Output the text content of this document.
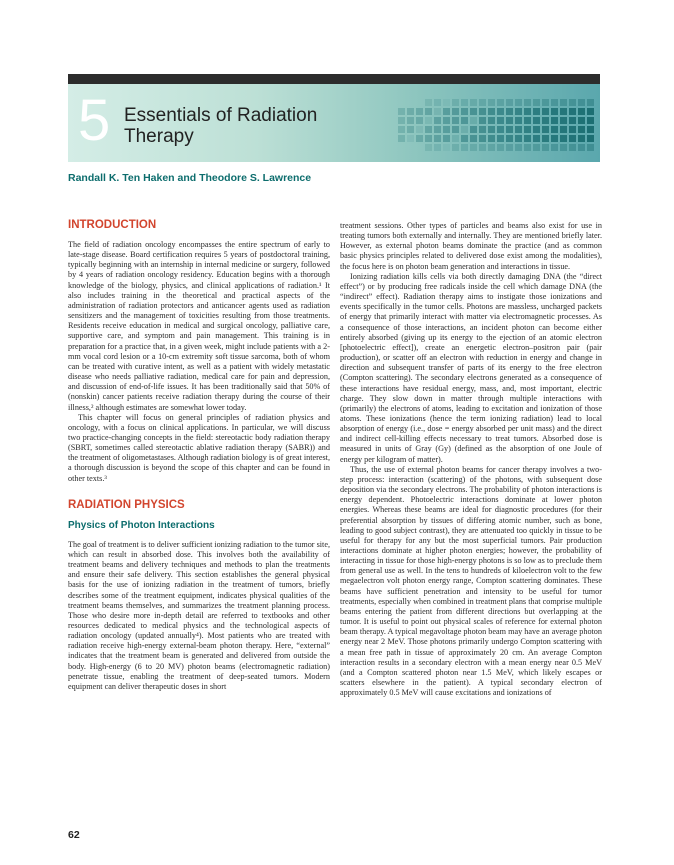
5 Essentials of Radiation
Therapy
Randall K. Ten Haken and Theodore S. Lawrence
INTRODUCTION

The field of radiation oncology encompasses the entire spectrum of early to late-stage disease. Board certification requires 5 years of postdoctoral training, typically beginning with an internship in internal medicine or surgery, followed by 4 years of radiation oncology residency. Education begins with a thorough knowledge of the biology, physics, and clinical applications of radiation.¹ It also includes training in the theoretical and practical aspects of the administration of radiation protectors and anticancer agents used as radiation sensitizers and the management of toxicities resulting from those treatments. Residents receive education in medical and surgical oncology, palliative care, supportive care, and symptom and pain management. This training is in preparation for a practice that, in a given week, might include patients with a 2-mm vocal cord lesion or a 10-cm extremity soft tissue sarcoma, both of whom can be treated with curative intent, as well as a patient with widely metastatic disease who needs palliative radiation, medical care for pain and depression, and discussion of end-of-life issues. It has been traditionally said that 50% of (nonskin) cancer patients receive radiation therapy during the course of their illness,² although estimates are somewhat lower today.

This chapter will focus on general principles of radiation physics and oncology, with a focus on clinical applications. In particular, we will discuss two practice-changing concepts in the field: stereotactic body radiation therapy (SBRT, sometimes called stereotactic ablative radiation therapy (SABR)) and the treatment of oligometastases. Although radiation biology is of great interest, a thorough discussion is beyond the scope of this chapter and can be found in other texts.³

RADIATION PHYSICS
Physics of Photon Interactions

The goal of treatment is to deliver sufficient ionizing radiation to the tumor site, which can result in absorbed dose. This involves both the availability of treatment beams and delivery techniques and methods to plan the treatments and ensure their safe delivery. This section establishes the general physical basis for the use of ionizing radiation in the treatment of tumors, briefly describes some of the treatment equipment, indicates physical qualities of the treatment beams themselves, and summarizes the treatment planning process. Those who desire more in-depth detail are referred to textbooks and other resources dedicated to medical physics and the technological aspects of radiation oncology (updated annually⁴). Most patients who are treated with radiation receive high-energy external-beam photon therapy. Here, “external” indicates that the treatment beam is generated and delivered from outside the body. High-energy (6 to 20 MV) photon beams (electromagnetic radiation) penetrate tissue, enabling the treatment of deep-seated tumors. Modern equipment can deliver therapeutic doses in short

treatment sessions. Other types of particles and beams also exist for use in treating tumors both externally and internally. They are mentioned briefly later. However, as external photon beams dominate the practice (and as common basic physics principles related to delivered dose exist among the modalities), the focus here is on photon beam generation and interactions in tissue.

Ionizing radiation kills cells via both directly damaging DNA (the “direct effect”) or by producing free radicals inside the cell which damage DNA (the “indirect” effect). Radiation therapy aims to instigate those ionizations and events specifically in the tumor cells. Photons are massless, uncharged packets of energy that primarily interact with matter via electromagnetic processes. As a consequence of those interactions, an incident photon can become either entirely absorbed (giving up its energy to the ejection of an atomic electron [photoelectric effect]), create an energetic electron–positron pair (pair production), or scatter off an electron with reduction in energy and change in direction and subsequent transfer of parts of its energy to the free electron (Compton scattering). The secondary electrons generated as a consequence of these interactions have residual energy, mass, and, most important, electric charge. They slow down in matter through multiple interactions with (primarily) the electrons of atoms, leading to excitation and ionization of those atoms. These ionizations (hence the term ionizing radiation) lead to local absorption of energy (i.e., dose = energy absorbed per unit mass) and the direct and indirect cell-killing effects necessary to treat tumors. Absorbed dose is measured in units of Gray (Gy) (defined as the absorption of one Joule of energy per kilogram of matter).

Thus, the use of external photon beams for cancer therapy involves a two-step process: interaction (scattering) of the photons, with subsequent dose deposition via the secondary electrons. The probability of photon interactions is energy dependent. Photoelectric interactions dominate at lower photon energies. Whereas these beams are ideal for diagnostic procedures (for their preferential absorption by tissues of differing atomic number, such as bone, leading to good subject contrast), they are attenuated too quickly in tissue to be useful for therapy for any but the most superficial tumors. Pair production interactions dominate at higher photon energies; however, the probability of interacting in tissue for those high-energy photons is so low as to preclude them from general use as well. In the tens to hundreds of kiloelectron volt to the few megaelectron volt photon energy range, Compton scattering dominates. These beams have sufficient penetration and intensity to be useful for tumor treatments, especially when combined in treatment plans that comprise multiple beams entering the patient from different directions but overlapping at the tumor. It is useful to point out physical scales of reference for external photon beam therapy. A typical megavoltage photon beam may have an average photon energy near 2 MeV. Those photons primarily undergo Compton scattering with a mean free path in tissue of approximately 20 cm. An average Compton interaction results in a secondary electron with a mean energy near 0.5 MeV (and a Compton scattered photon near 1.5 MeV, which likely escapes or scatters elsewhere in the patient). A typical secondary electron of approximately 0.5 MeV will cause excitations and ionizations of

62
